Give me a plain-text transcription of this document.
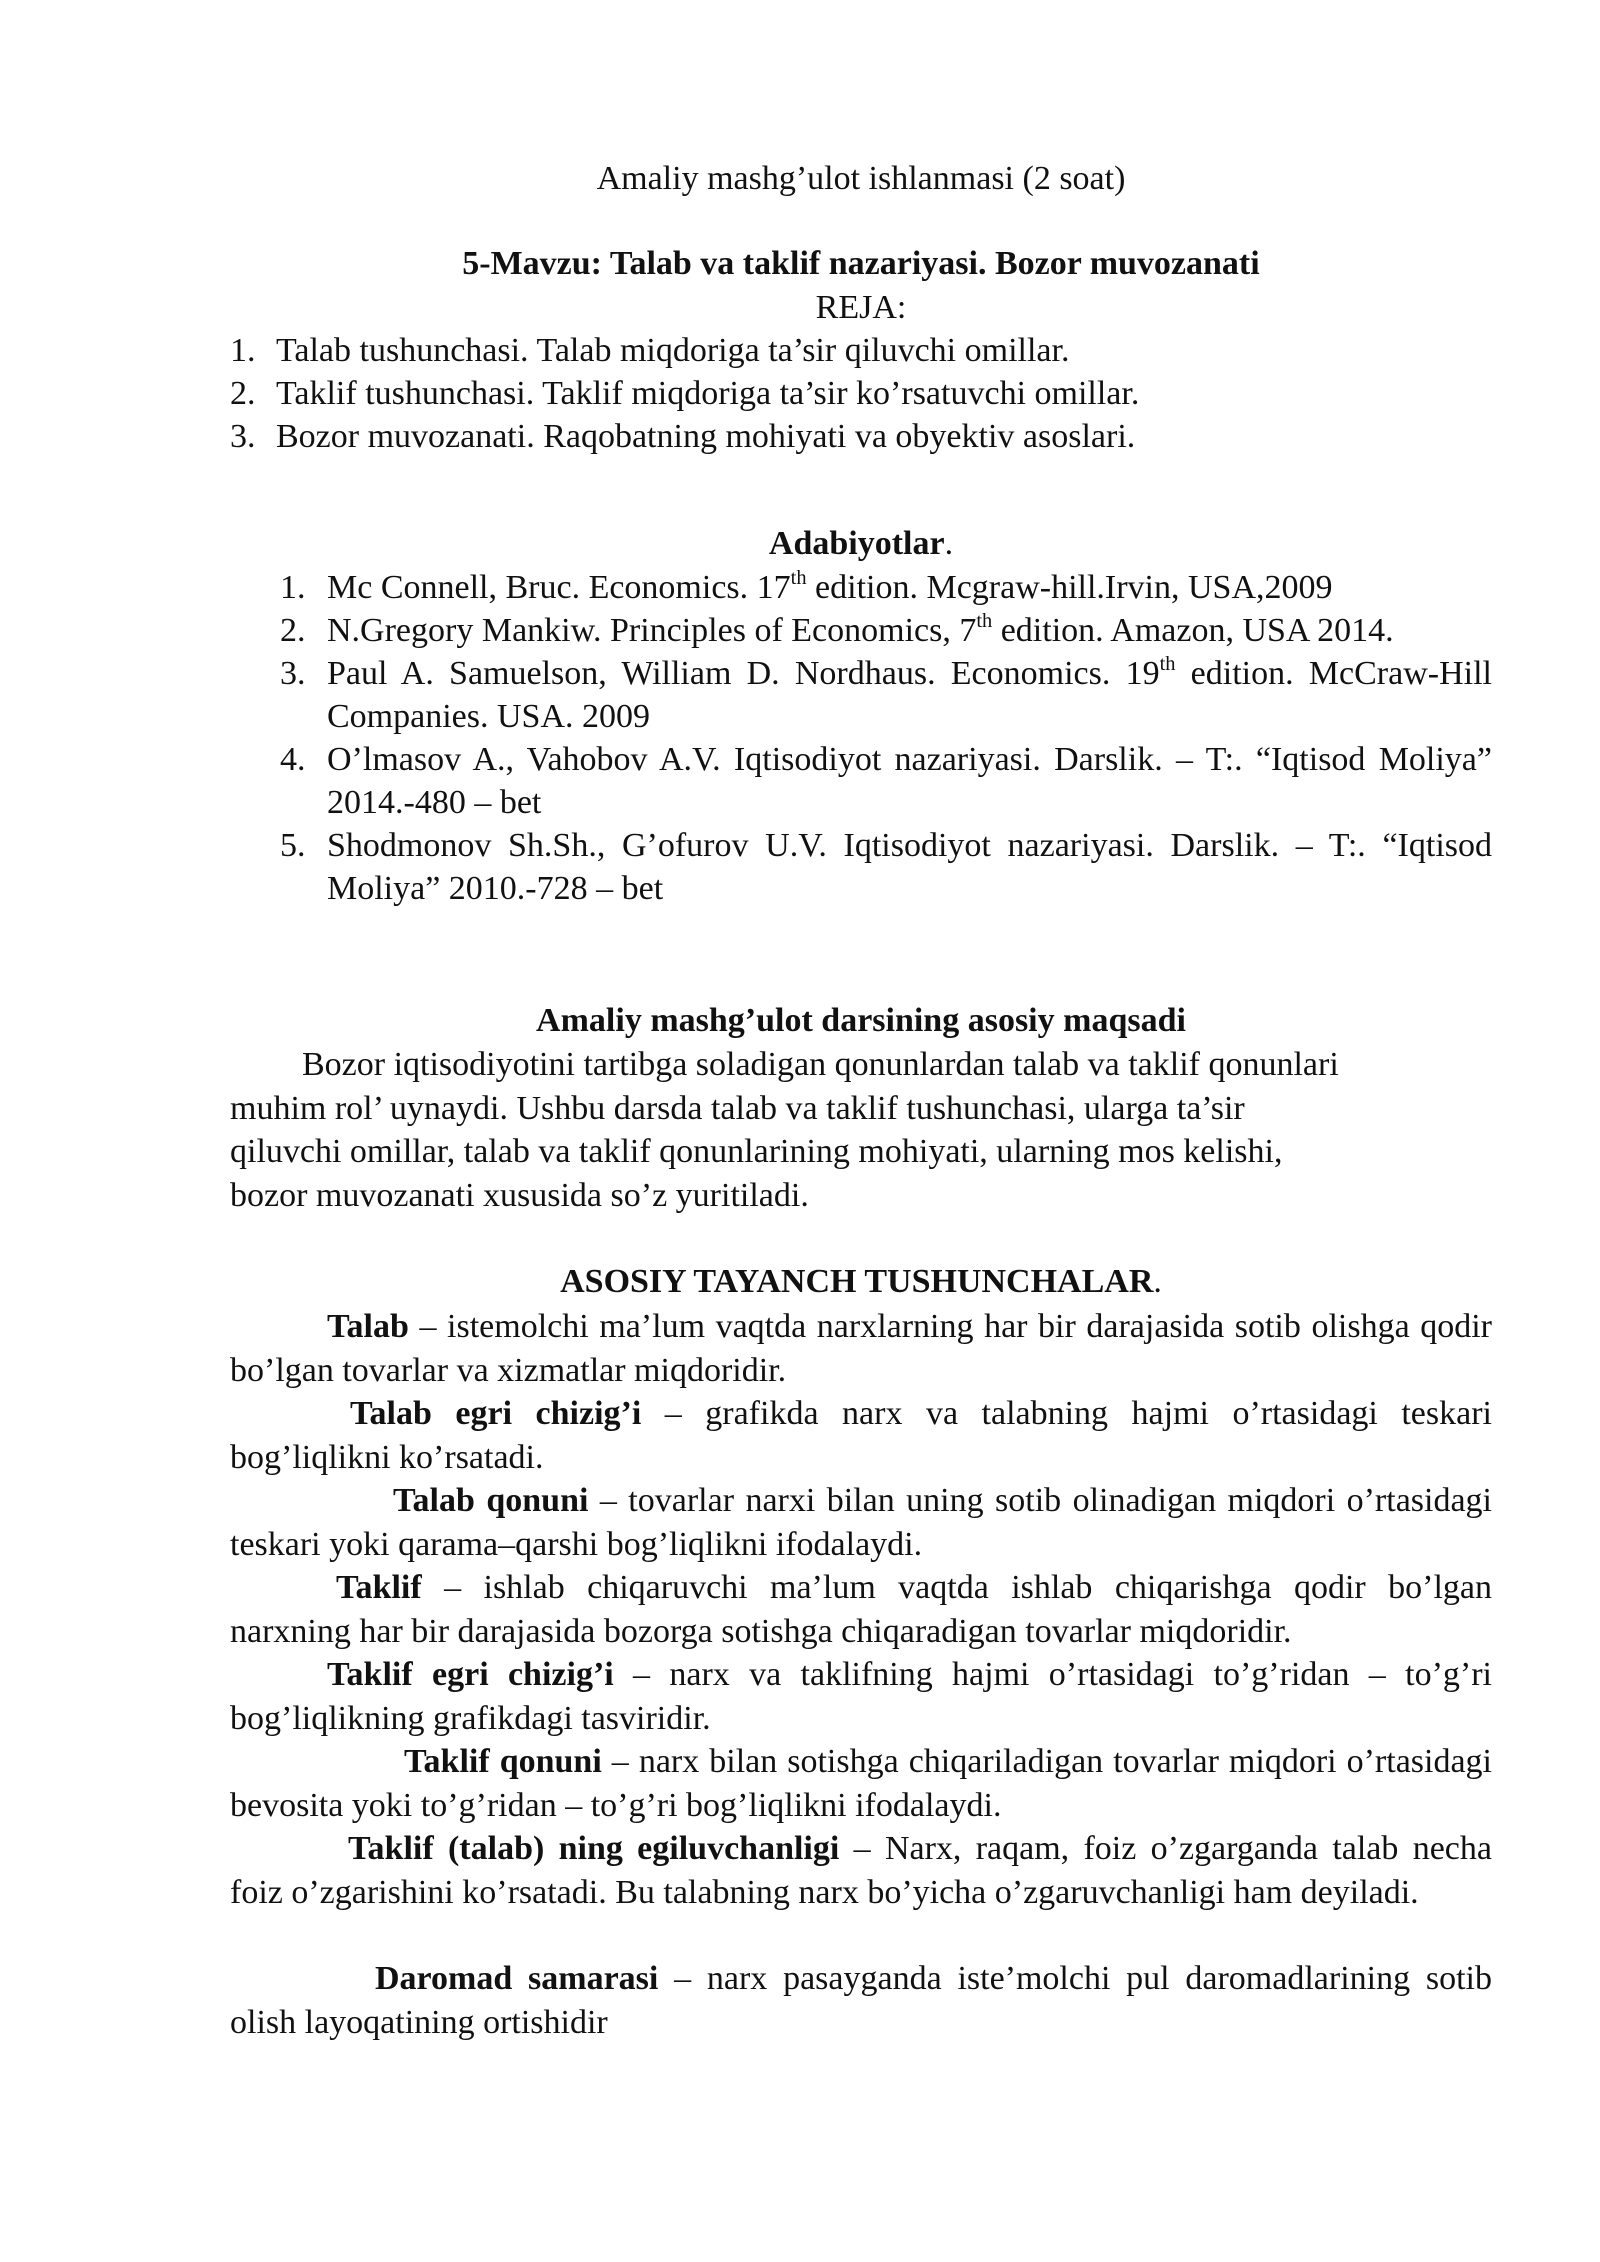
Amaliy mashg’ulot ishlanmasi (2 soat)
5-Mavzu: Talab va taklif nazariyasi. Bozor muvozanati
REJA:
1. Talab tushunchasi. Talab miqdoriga ta’sir qiluvchi omillar.
2. Taklif tushunchasi. Taklif miqdoriga ta’sir ko’rsatuvchi omillar.
3. Bozor muvozanati. Raqobatning mohiyati va obyektiv asoslari.
Adabiyotlar.
1. Mc Connell, Bruc. Economics. 17th edition. Mcgraw-hill.Irvin, USA,2009
2. N.Gregory Mankiw. Principles of Economics, 7th edition. Amazon, USA 2014.
3. Paul A. Samuelson, William D. Nordhaus. Economics. 19th edition. McCraw-Hill Companies. USA. 2009
4. O’lmasov A., Vahobov A.V. Iqtisodiyot nazariyasi. Darslik. – T:. “Iqtisod Moliya” 2014.-480 – bet
5. Shodmonov Sh.Sh., G’ofurov U.V. Iqtisodiyot nazariyasi. Darslik. – T:. “Iqtisod Moliya” 2010.-728 – bet
Amaliy mashg’ulot darsining asosiy maqsadi
Bozor iqtisodiyotini tartibga soladigan qonunlardan talab va taklif qonunlari
muhim rol’ uynaydi. Ushbu darsda talab va taklif tushunchasi, ularga ta’sir
qiluvchi omillar, talab va taklif qonunlarining mohiyati, ularning mos kelishi,
bozor muvozanati xususida so’z yuritiladi.
ASOSIY TAYANCH TUSHUNCHALAR.

Talab – istemolchi ma’lum vaqtda narxlarning har bir darajasida sotib olishga qodir bo’lgan tovarlar va xizmatlar miqdoridir.

Talab egri chizig’i – grafikda narx va talabning hajmi o’rtasidagi teskari bog’liqlikni ko’rsatadi.

Talab qonuni – tovarlar narxi bilan uning sotib olinadigan miqdori o’rtasidagi teskari yoki qarama–qarshi bog’liqlikni ifodalaydi.

Taklif – ishlab chiqaruvchi ma’lum vaqtda ishlab chiqarishga qodir bo’lgan narxning har bir darajasida bozorga sotishga chiqaradigan tovarlar miqdoridir.

Taklif egri chizig’i – narx va taklifning hajmi o’rtasidagi to’g’ridan – to’g’ri bog’liqlikning grafikdagi tasviridir.

Taklif qonuni – narx bilan sotishga chiqariladigan tovarlar miqdori o’rtasidagi bevosita yoki to’g’ridan – to’g’ri bog’liqlikni ifodalaydi.

Taklif (talab) ning egiluvchanligi – Narx, raqam, foiz o’zgarganda talab necha foiz o’zgarishini ko’rsatadi. Bu talabning narx bo’yicha o’zgaruvchanligi ham deyiladi.

Daromad samarasi – narx pasayganda iste’molchi pul daromadlarining sotib olish layoqatining ortishidir
